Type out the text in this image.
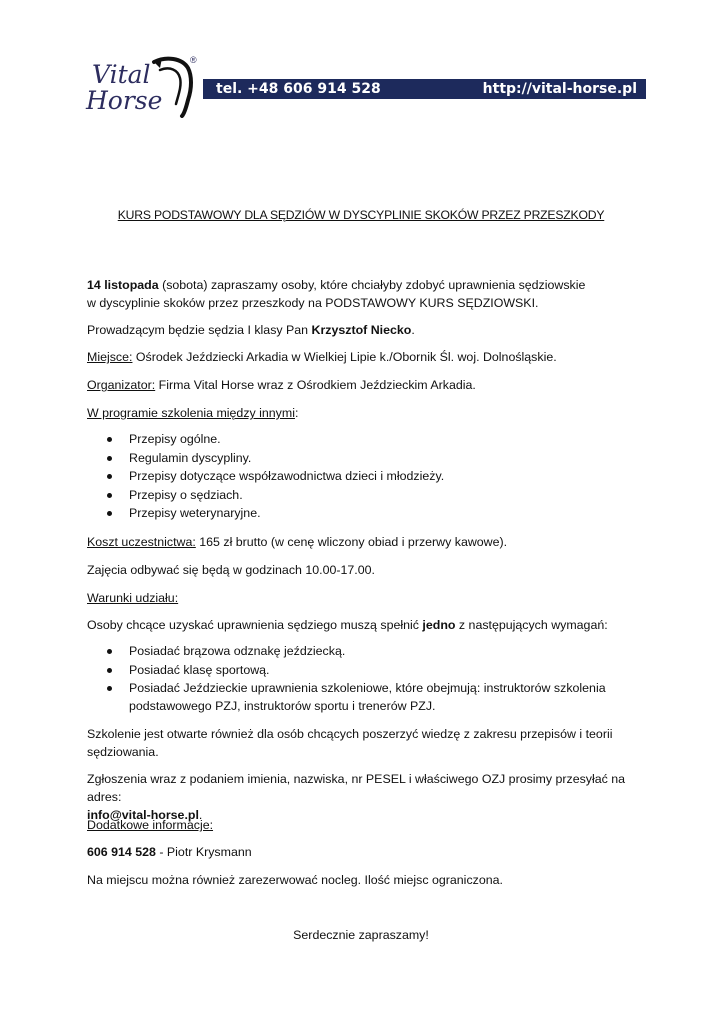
Vital
Horse
®
tel. +48 606 914 528	http://vital-horse.pl
KURS PODSTAWOWY DLA SĘDZIÓW W DYSCYPLINIE SKOKÓW PRZEZ PRZESZKODY

14 listopada (sobota) zapraszamy osoby, które chciałyby zdobyć uprawnienia sędziowskie
w dyscyplinie skoków przez przeszkody na PODSTAWOWY KURS SĘDZIOWSKI.

Prowadzącym będzie sędzia I klasy Pan Krzysztof Niecko.

Miejsce: Ośrodek Jeździecki Arkadia w Wielkiej Lipie k./Obornik Śl. woj. Dolnośląskie.

Organizator: Firma Vital Horse wraz z Ośrodkiem Jeździeckim Arkadia.

W programie szkolenia między innymi:

Przepisy ogólne.
Regulamin dyscypliny.
Przepisy dotyczące współzawodnictwa dzieci i młodzieży.
Przepisy o sędziach.
Przepisy weterynaryjne.

Koszt uczestnictwa: 165 zł brutto (w cenę wliczony obiad i przerwy kawowe).

Zajęcia odbywać się będą w godzinach 10.00-17.00.

Warunki udziału:

Osoby chcące uzyskać uprawnienia sędziego muszą spełnić jedno z następujących wymagań:

Posiadać brązowa odznakę jeździecką.
Posiadać klasę sportową.
Posiadać Jeździeckie uprawnienia szkoleniowe, które obejmują: instruktorów szkolenia podstawowego PZJ, instruktorów sportu i trenerów PZJ.

Szkolenie jest otwarte również dla osób chcących poszerzyć wiedzę z zakresu przepisów i teorii sędziowania.

Zgłoszenia wraz z podaniem imienia, nazwiska, nr PESEL i właściwego OZJ prosimy przesyłać na adres:
info@vital-horse.pl.

Dodatkowe informacje:

606 914 528 - Piotr Krysmann

Na miejscu można również zarezerwować nocleg. Ilość miejsc ograniczona.

Serdecznie zapraszamy!
